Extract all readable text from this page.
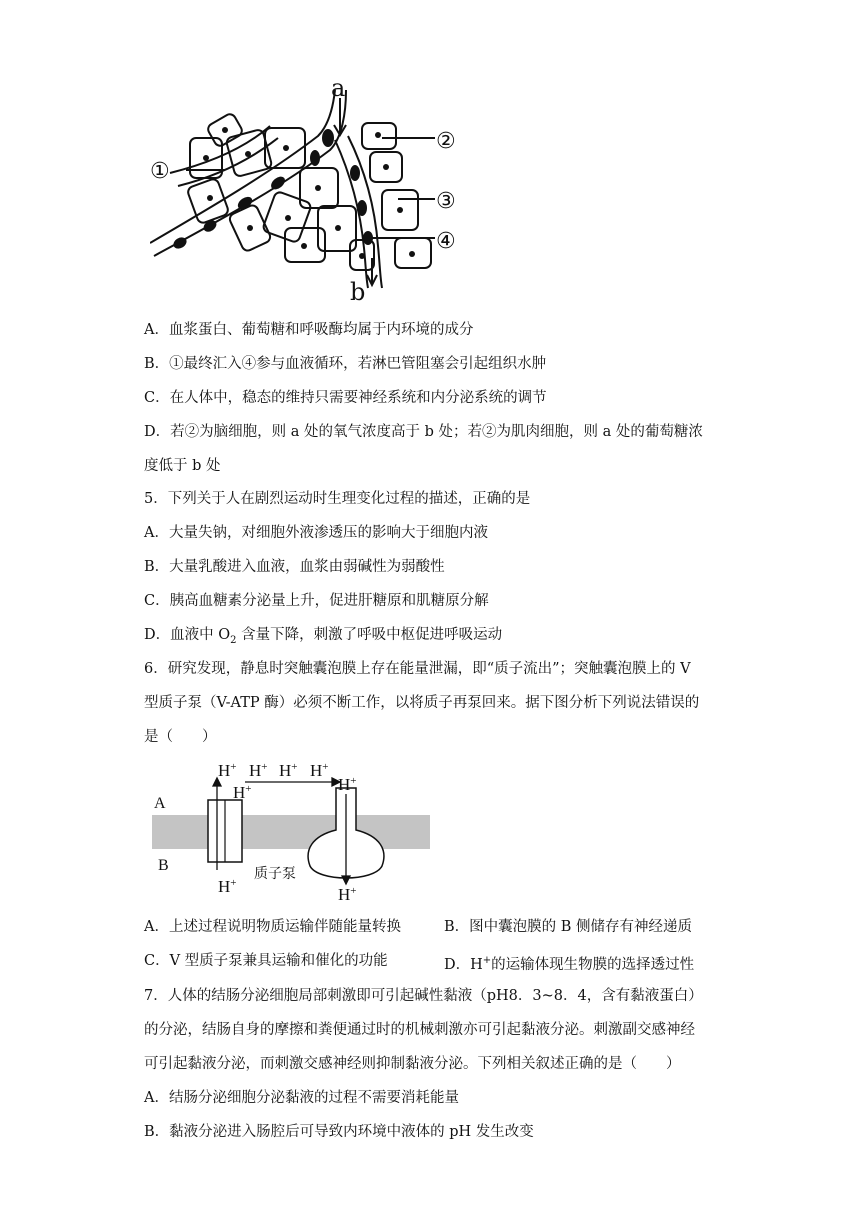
a
b
①
②
③
④
A．血浆蛋白、葡萄糖和呼吸酶均属于内环境的成分
B．①最终汇入④参与血液循环，若淋巴管阻塞会引起组织水肿
C．在人体中，稳态的维持只需要神经系统和内分泌系统的调节
D．若②为脑细胞，则 a 处的氧气浓度高于 b 处；若②为肌肉细胞，则 a 处的葡萄糖浓
度低于 b 处
5．下列关于人在剧烈运动时生理变化过程的描述，正确的是
A．大量失钠，对细胞外液渗透压的影响大于细胞内液
B．大量乳酸进入血液，血浆由弱碱性为弱酸性
C．胰高血糖素分泌量上升，促进肝糖原和肌糖原分解
D．血液中 $O_2$ 含量下降，刺激了呼吸中枢促进呼吸运动
6．研究发现，静息时突触囊泡膜上存在能量泄漏，即“质子流出”；突触囊泡膜上的 V
型质子泵（V-ATP 酶）必须不断工作，以将质子再泵回来。据下图分析下列说法错误的
是（　　）
A
B
H+
H+
H+ H+ H+
H+
H+
H+
质子泵
A．上述过程说明物质运输伴随能量转换	B．图中囊泡膜的 B 侧储存有神经递质
C．V 型质子泵兼具运输和催化的功能	D．H+的运输体现生物膜的选择透过性
7．人体的结肠分泌细胞局部刺激即可引起碱性黏液（pH8．3~8．4，含有黏液蛋白）
的分泌，结肠自身的摩擦和粪便通过时的机械刺激亦可引起黏液分泌。刺激副交感神经
可引起黏液分泌，而刺激交感神经则抑制黏液分泌。下列相关叙述正确的是（　　）
A．结肠分泌细胞分泌黏液的过程不需要消耗能量
B．黏液分泌进入肠腔后可导致内环境中液体的 pH 发生改变
